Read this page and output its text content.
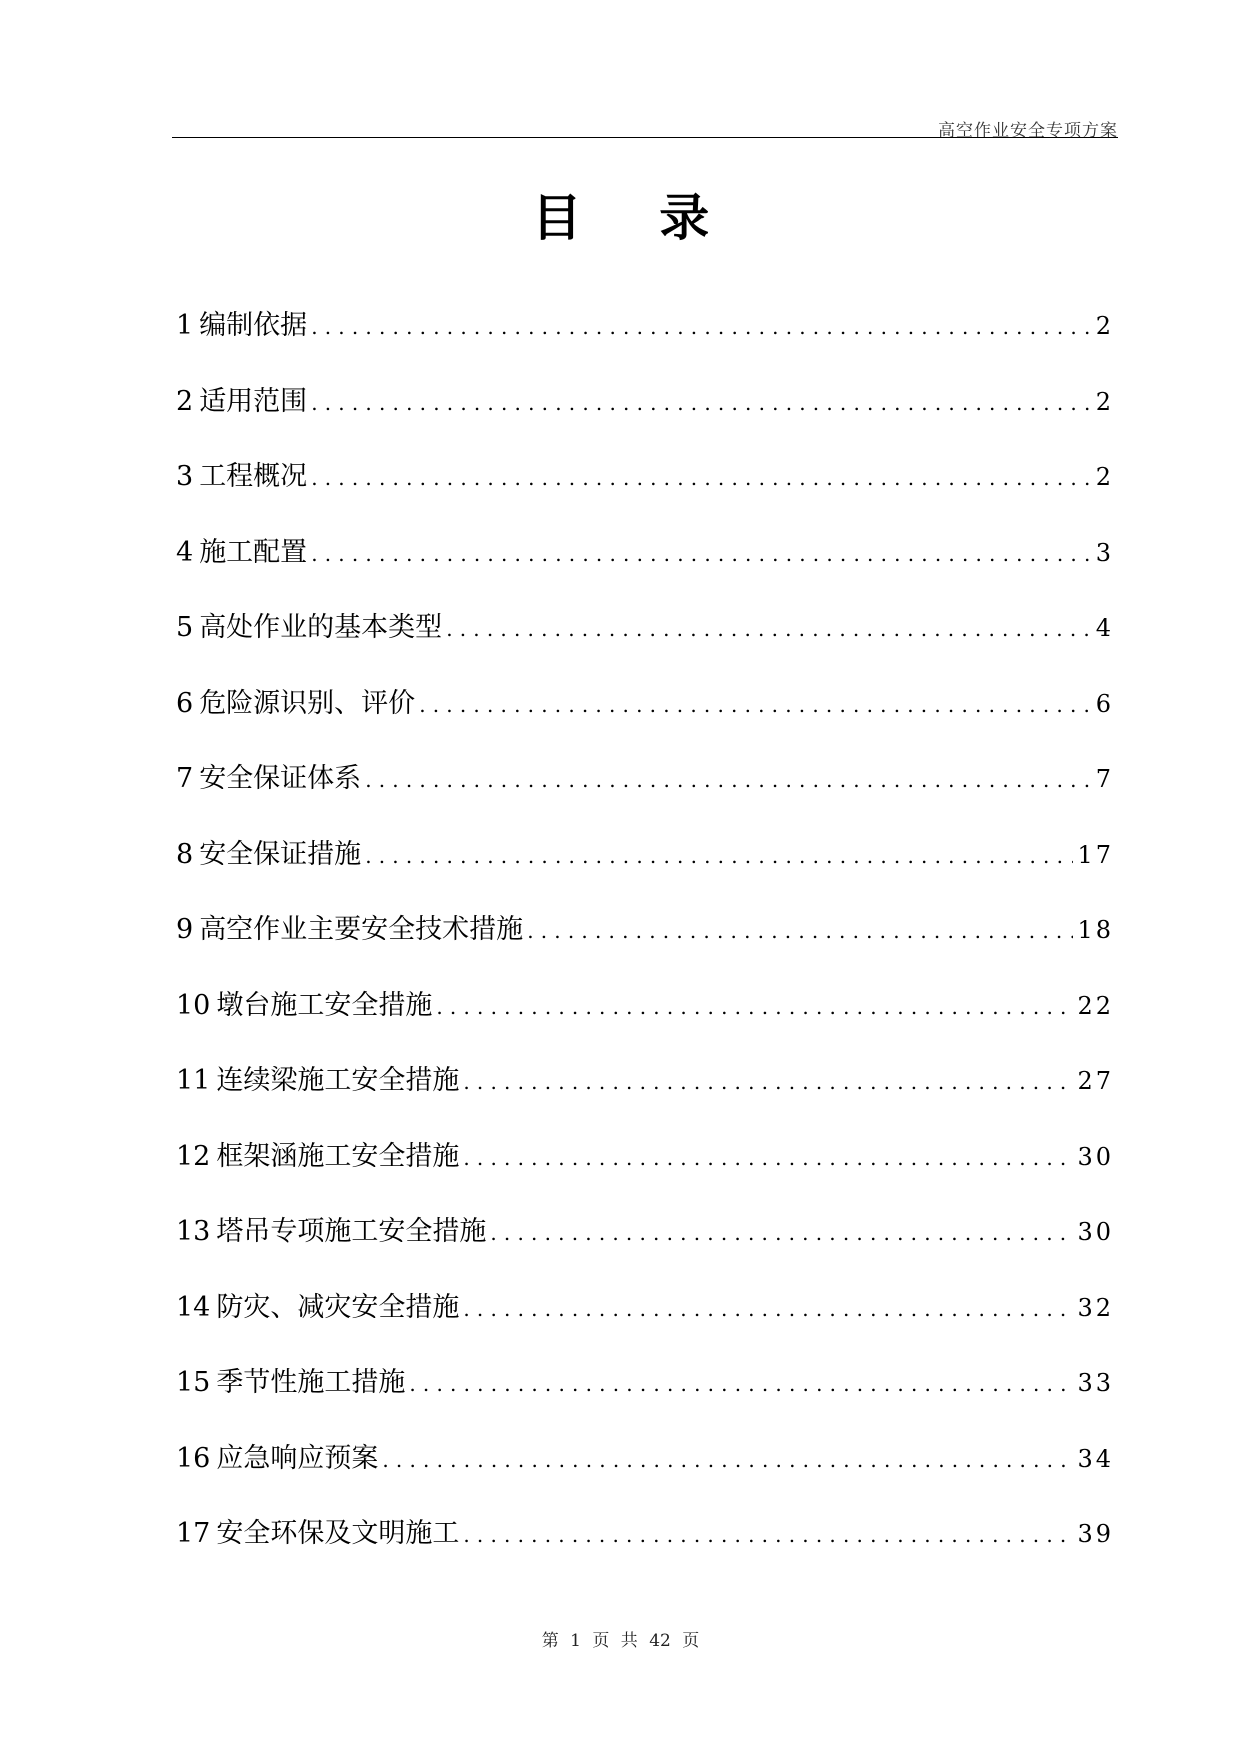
高空作业安全专项方案
目 录
1 编制依据 .....	2
2 适用范围 .....	2
3 工程概况 .....	2
4 施工配置 .....	3
5 高处作业的基本类型 .....	4
6 危险源识别、评价 .....	6
7 安全保证体系 .....	7
8 安全保证措施 .....	17
9 高空作业主要安全技术措施 .....	18
10 墩台施工安全措施 .....	22
11 连续梁施工安全措施 .....	27
12 框架涵施工安全措施 .....	30
13 塔吊专项施工安全措施 .....	30
14 防灾、减灾安全措施 .....	32
15 季节性施工措施 .....	33
16 应急响应预案 .....	34
17 安全环保及文明施工 .....	39
第 1 页 共 42 页
